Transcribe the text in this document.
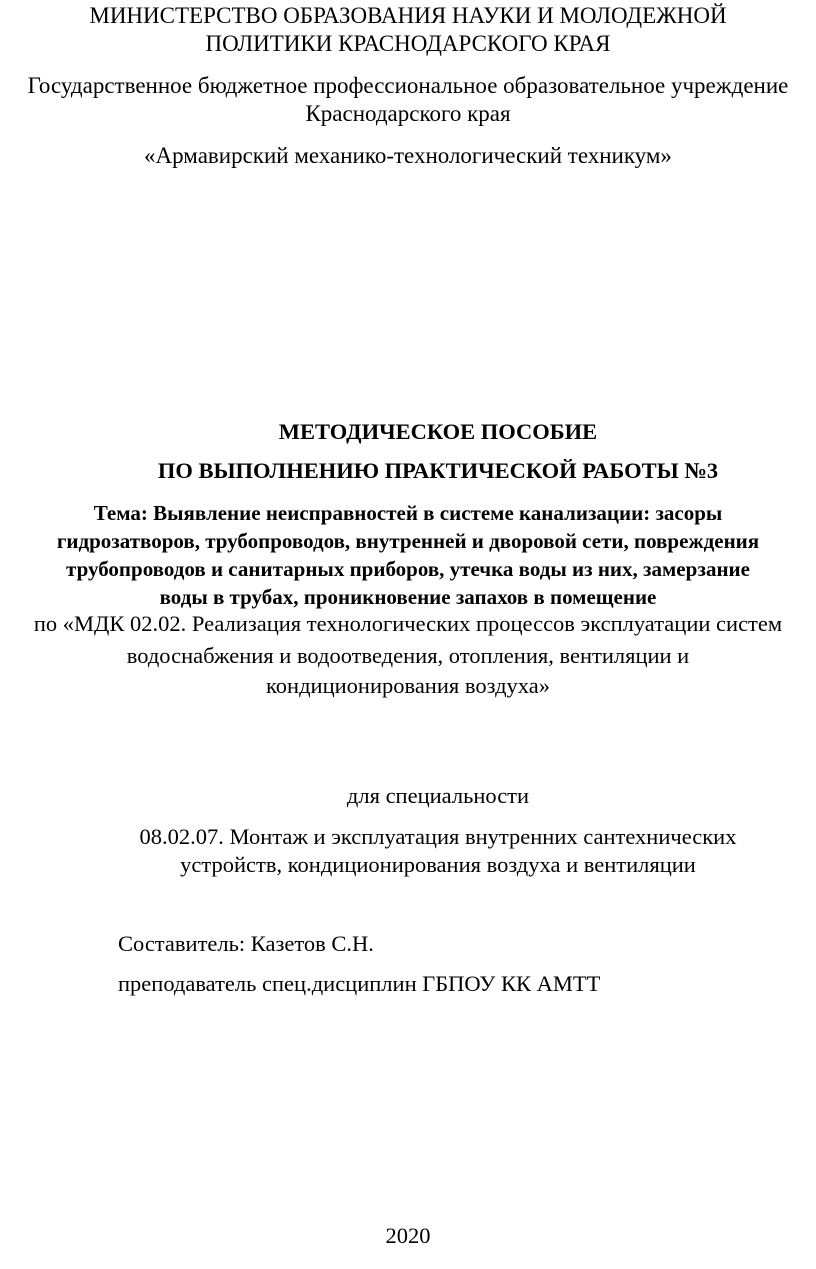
МИНИСТЕРСТВО ОБРАЗОВАНИЯ НАУКИ И МОЛОДЕЖНОЙ
ПОЛИТИКИ КРАСНОДАРСКОГО КРАЯ
Государственное бюджетное профессиональное образовательное учреждение
Краснодарского края
«Армавирский механико-технологический техникум»
МЕТОДИЧЕСКОЕ ПОСОБИЕ
ПО ВЫПОЛНЕНИЮ ПРАКТИЧЕСКОЙ РАБОТЫ №3
Тема: Выявление неисправностей в системе канализации: засоры
гидрозатворов, трубопроводов, внутренней и дворовой сети, повреждения
трубопроводов и санитарных приборов, утечка воды из них, замерзание
воды в трубах, проникновение запахов в помещение
по «МДК 02.02. Реализация технологических процессов эксплуатации систем
водоснабжения и водоотведения, отопления, вентиляции и
кондиционирования воздуха»
для специальности
08.02.07. Монтаж и эксплуатация внутренних сантехнических
устройств, кондиционирования воздуха и вентиляции
Составитель: Казетов С.Н.
преподаватель спец.дисциплин ГБПОУ КК АМТТ
2020
